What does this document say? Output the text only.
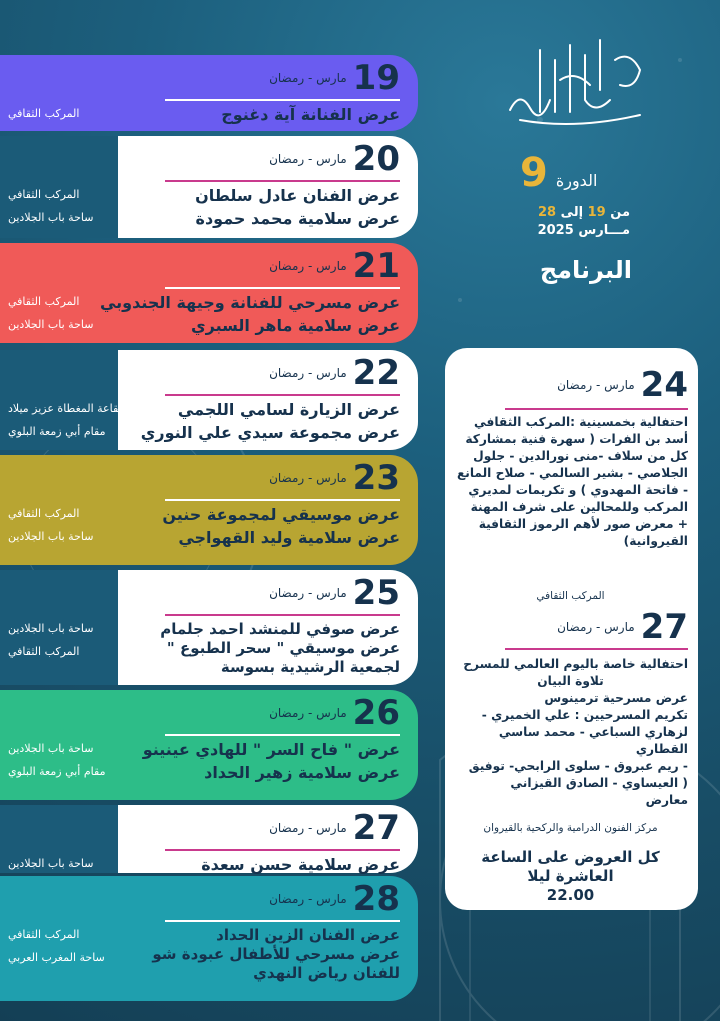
الدورة
9
من 19 إلى 28
مـــارس 2025
البرنامج
19
مارس - رمضان
عرض الفنانة آية دغنوج
المركب الثقافي
20
مارس - رمضان
عرض الفنان عادل سلطان
عرض سلامية محمد حمودة
المركب الثقافي
ساحة باب الجلادين
21
مارس - رمضان
عرض مسرحي للفنانة وجيهة الجندوبي
عرض سلامية ماهر السبري
المركب الثقافي
ساحة باب الجلادين
22
مارس - رمضان
عرض الزيارة لسامي اللجمي
عرض مجموعة سيدي علي النوري
القاعة المغطاة عزيز ميلاد
مقام أبي زمعة البلوي
23
مارس - رمضان
عرض موسيقي لمجموعة حنين
عرض سلامية وليد القهواجي
المركب الثقافي
ساحة باب الجلادين
25
مارس - رمضان
عرض صوفي للمنشد احمد جلمام
عرض موسيقي " سحر الطبوع "
لجمعية الرشيدية بسوسة
ساحة باب الجلادين
المركب الثقافي
26
مارس - رمضان
عرض " فاح السر " للهادي عينينو
عرض سلامية زهير الحداد
ساحة باب الجلادين
مقام أبي زمعة البلوي
27
مارس - رمضان
عرض سلامية حسن سعدة
ساحة باب الجلادين
28
مارس - رمضان
عرض الفنان الزين الحداد
عرض مسرحي للأطفال عبودة شو
للفنان رياض النهدي
المركب الثقافي
ساحة المغرب العربي
24
مارس - رمضان
احتفالية بخمسينية :المركب الثقافي
أسد بن الفرات ( سهرة فنية بمشاركة
كل من سلاف -منى نورالدين - جلول
الجلاصي - بشير السالمي - صلاح المانع
- فاتحة المهدوي ) و تكريمات لمديري
المركب وللمحالين على شرف المهنة
+ معرض صور لأهم الرموز الثقافية
القيروانية)
المركب الثقافي
27
مارس - رمضان
احتفالية خاصة باليوم العالمي للمسرح
تلاوة البيان
عرض مسرحية ترمينوس
تكريم المسرحيين : علي الخميري -
لزهاري السباعي - محمد ساسي القطاري
- ريم عبروق - سلوى الرابحي- توفيق
( العيساوي - الصادق القيزاني
معارض
مركز الفنون الدرامية والركحية بالقيروان
كل العروض على الساعة
العاشرة ليلا
22.00
